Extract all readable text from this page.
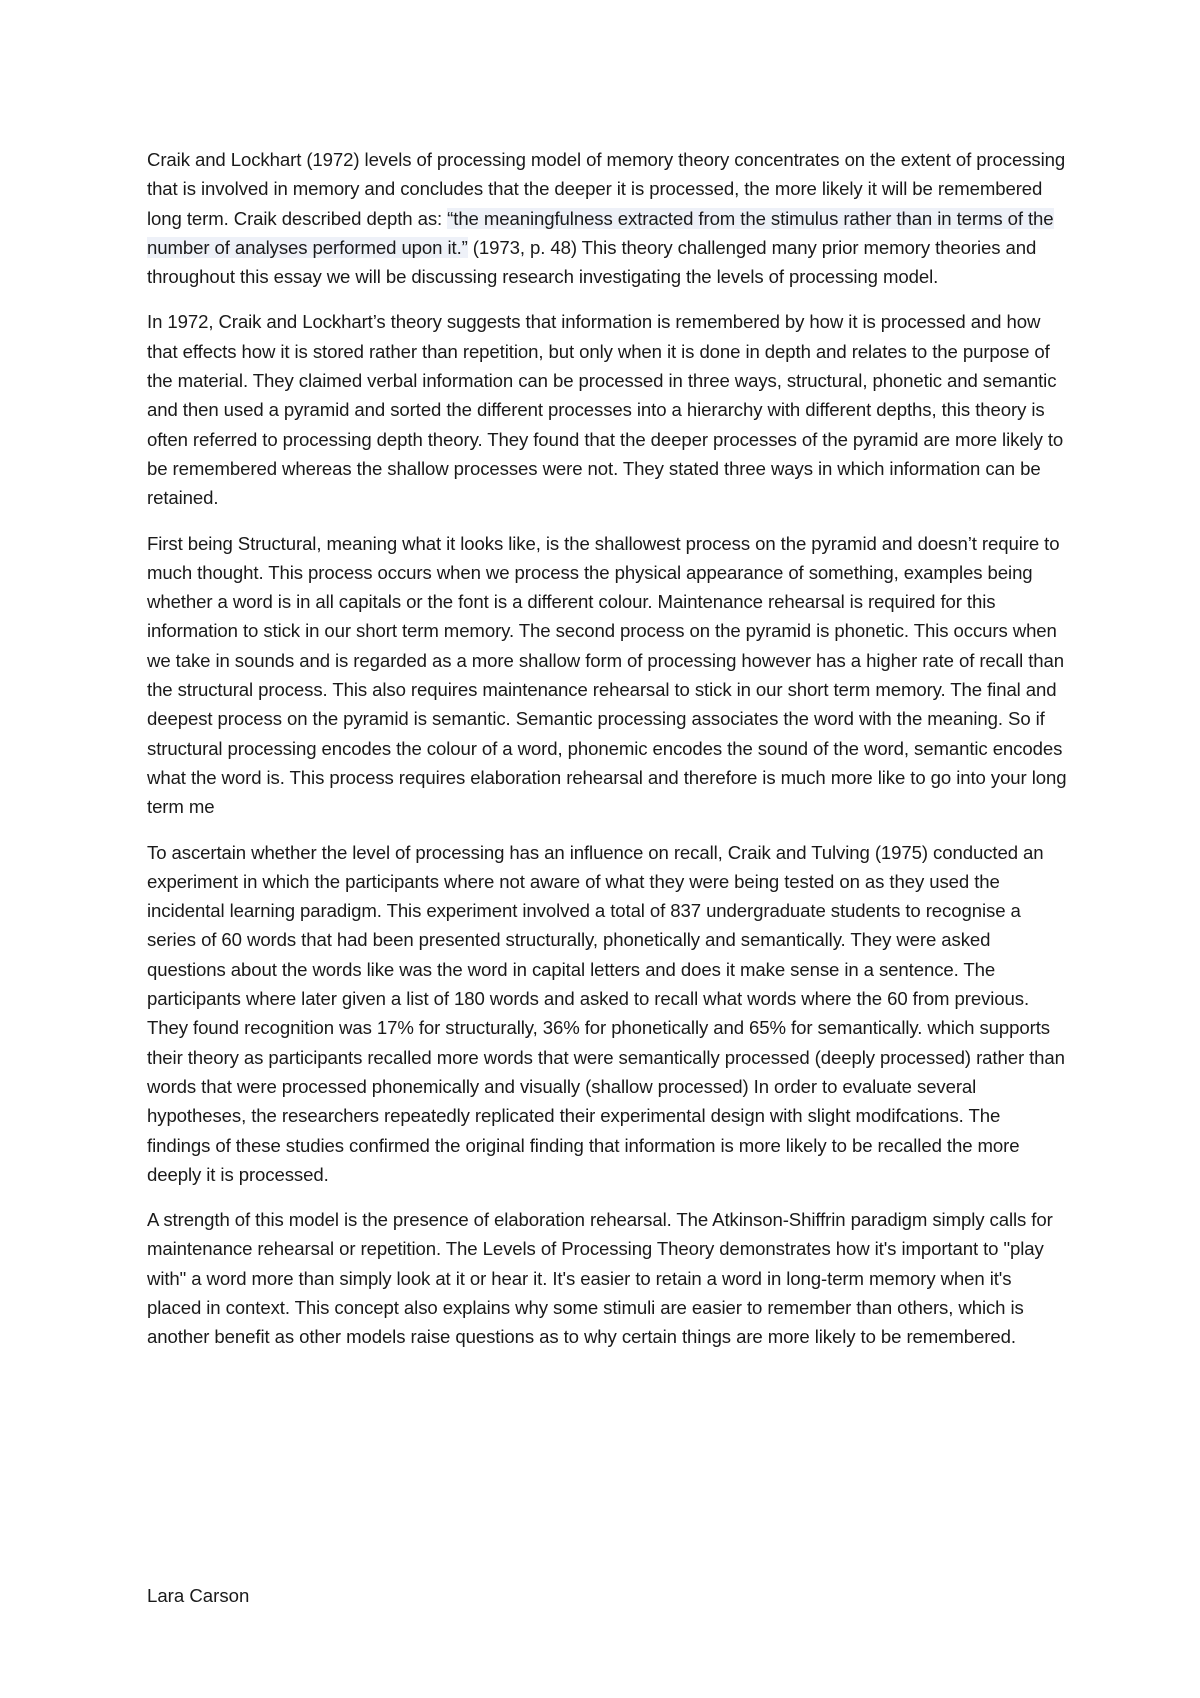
Craik and Lockhart (1972) levels of processing model of memory theory concentrates on the extent of processing that is involved in memory and concludes that the deeper it is processed, the more likely it will be remembered long term. Craik described depth as: “the meaningfulness extracted from the stimulus rather than in terms of the number of analyses performed upon it.” (1973, p. 48) This theory challenged many prior memory theories and throughout this essay we will be discussing research investigating the levels of processing model.

In 1972, Craik and Lockhart’s theory suggests that information is remembered by how it is processed and how that effects how it is stored rather than repetition, but only when it is done in depth and relates to the purpose of the material. They claimed verbal information can be processed in three ways, structural, phonetic and semantic and then used a pyramid and sorted the different processes into a hierarchy with different depths, this theory is often referred to processing depth theory. They found that the deeper processes of the pyramid are more likely to be remembered whereas the shallow processes were not. They stated three ways in which information can be retained.

First being Structural, meaning what it looks like, is the shallowest process on the pyramid and doesn’t require to much thought. This process occurs when we process the physical appearance of something, examples being whether a word is in all capitals or the font is a different colour. Maintenance rehearsal is required for this information to stick in our short term memory. The second process on the pyramid is phonetic. This occurs when we take in sounds and is regarded as a more shallow form of processing however has a higher rate of recall than the structural process. This also requires maintenance rehearsal to stick in our short term memory. The final and deepest process on the pyramid is semantic. Semantic processing associates the word with the meaning. So if structural processing encodes the colour of a word, phonemic encodes the sound of the word, semantic encodes what the word is. This process requires elaboration rehearsal and therefore is much more like to go into your long term me

To ascertain whether the level of processing has an influence on recall, Craik and Tulving (1975) conducted an experiment in which the participants where not aware of what they were being tested on as they used the incidental learning paradigm. This experiment involved a total of 837 undergraduate students to recognise a series of 60 words that had been presented structurally, phonetically and semantically. They were asked questions about the words like was the word in capital letters and does it make sense in a sentence. The participants where later given a list of 180 words and asked to recall what words where the 60 from previous. They found recognition was 17% for structurally, 36% for phonetically and 65% for semantically. which supports their theory as participants recalled more words that were semantically processed (deeply processed) rather than words that were processed phonemically and visually (shallow processed) In order to evaluate several hypotheses, the researchers repeatedly replicated their experimental design with slight modifcations. The findings of these studies confirmed the original finding that information is more likely to be recalled the more deeply it is processed.

A strength of this model is the presence of elaboration rehearsal. The Atkinson-Shiffrin paradigm simply calls for maintenance rehearsal or repetition. The Levels of Processing Theory demonstrates how it's important to "play with" a word more than simply look at it or hear it. It's easier to retain a word in long-term memory when it's placed in context. This concept also explains why some stimuli are easier to remember than others, which is another benefit as other models raise questions as to why certain things are more likely to be remembered.

Lara Carson
